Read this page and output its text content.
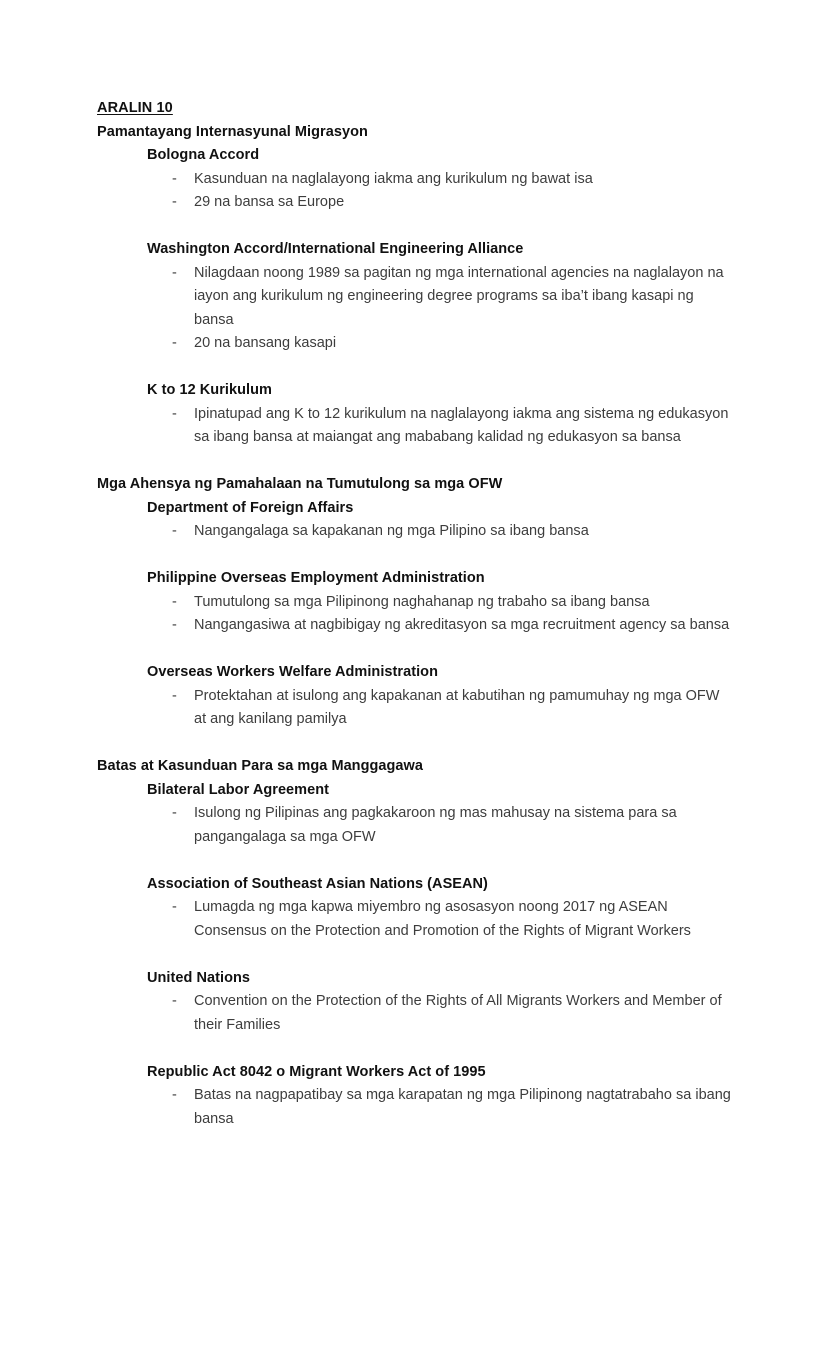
ARALIN 10
Pamantayang Internasyunal Migrasyon
Bologna Accord
- Kasunduan na naglalayong iakma ang kurikulum ng bawat isa
- 29 na bansa sa Europe
Washington Accord/International Engineering Alliance
- Nilagdaan noong 1989 sa pagitan ng mga international agencies na naglalayon na iayon ang kurikulum ng engineering degree programs sa iba’t ibang kasapi ng bansa
- 20 na bansang kasapi
K to 12 Kurikulum
- Ipinatupad ang K to 12 kurikulum na naglalayong iakma ang sistema ng edukasyon sa ibang bansa at maiangat ang mababang kalidad ng edukasyon sa bansa
Mga Ahensya ng Pamahalaan na Tumutulong sa mga OFW
Department of Foreign Affairs
- Nangangalaga sa kapakanan ng mga Pilipino sa ibang bansa
Philippine Overseas Employment Administration
- Tumutulong sa mga Pilipinong naghahanap ng trabaho sa ibang bansa
- Nangangasiwa at nagbibigay ng akreditasyon sa mga recruitment agency sa bansa
Overseas Workers Welfare Administration
- Protektahan at isulong ang kapakanan at kabutihan ng pamumuhay ng mga OFW at ang kanilang pamilya
Batas at Kasunduan Para sa mga Manggagawa
Bilateral Labor Agreement
- Isulong ng Pilipinas ang pagkakaroon ng mas mahusay na sistema para sa pangangalaga sa mga OFW
Association of Southeast Asian Nations (ASEAN)
- Lumagda ng mga kapwa miyembro ng asosasyon noong 2017 ng ASEAN Consensus on the Protection and Promotion of the Rights of Migrant Workers
United Nations
- Convention on the Protection of the Rights of All Migrants Workers and Member of their Families
Republic Act 8042 o Migrant Workers Act of 1995
- Batas na nagpapatibay sa mga karapatan ng mga Pilipinong nagtatrabaho sa ibang bansa
